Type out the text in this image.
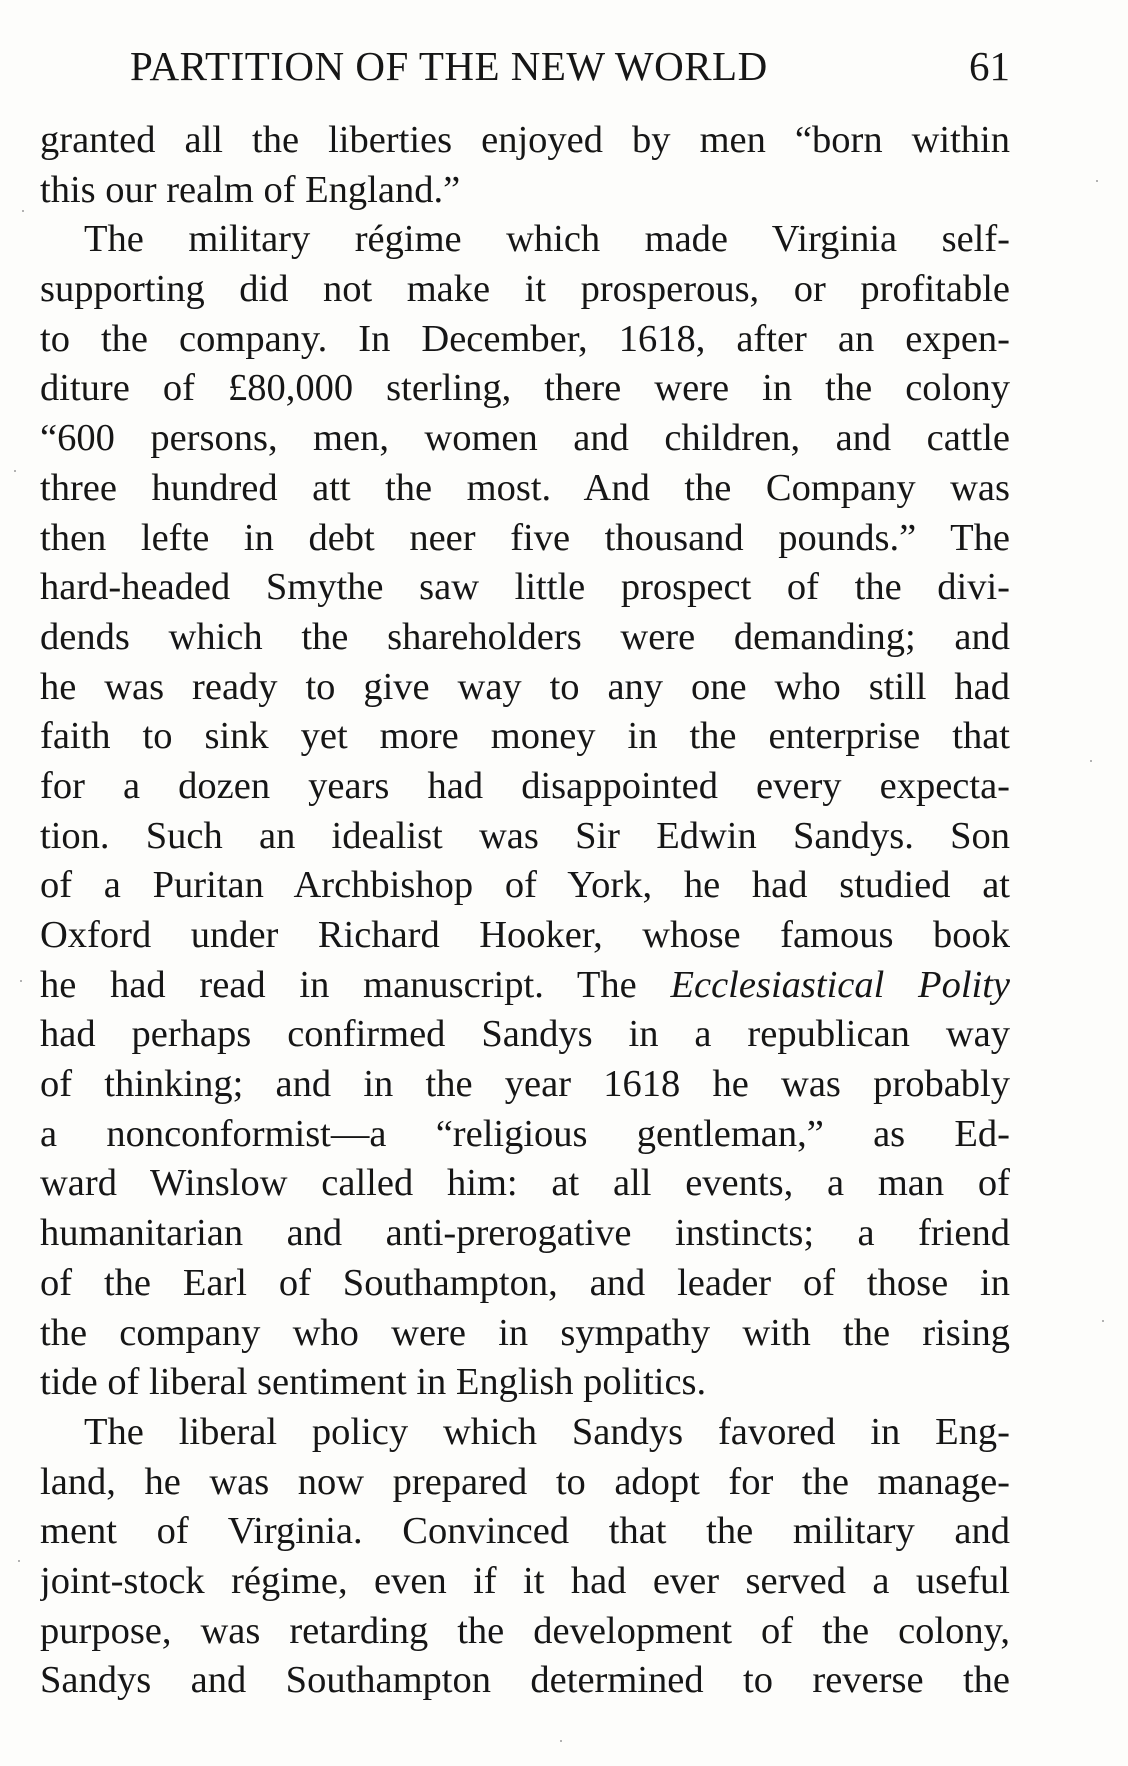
PARTITION OF THE NEW WORLD	61
granted all the liberties enjoyed by men “born within
this our realm of England.”
The military régime which made Virginia self-
supporting did not make it prosperous, or profitable
to the company. In December, 1618, after an expen-
diture of £80,000 sterling, there were in the colony
“600 persons, men, women and children, and cattle
three hundred att the most. And the Company was
then lefte in debt neer five thousand pounds.” The
hard-headed Smythe saw little prospect of the divi-
dends which the shareholders were demanding; and
he was ready to give way to any one who still had
faith to sink yet more money in the enterprise that
for a dozen years had disappointed every expecta-
tion. Such an idealist was Sir Edwin Sandys. Son
of a Puritan Archbishop of York, he had studied at
Oxford under Richard Hooker, whose famous book
he had read in manuscript. The Ecclesiastical Polity
had perhaps confirmed Sandys in a republican way
of thinking; and in the year 1618 he was probably
a nonconformist—a “religious gentleman,” as Ed-
ward Winslow called him: at all events, a man of
humanitarian and anti-prerogative instincts; a friend
of the Earl of Southampton, and leader of those in
the company who were in sympathy with the rising
tide of liberal sentiment in English politics.
The liberal policy which Sandys favored in Eng-
land, he was now prepared to adopt for the manage-
ment of Virginia. Convinced that the military and
joint-stock régime, even if it had ever served a useful
purpose, was retarding the development of the colony,
Sandys and Southampton determined to reverse the
